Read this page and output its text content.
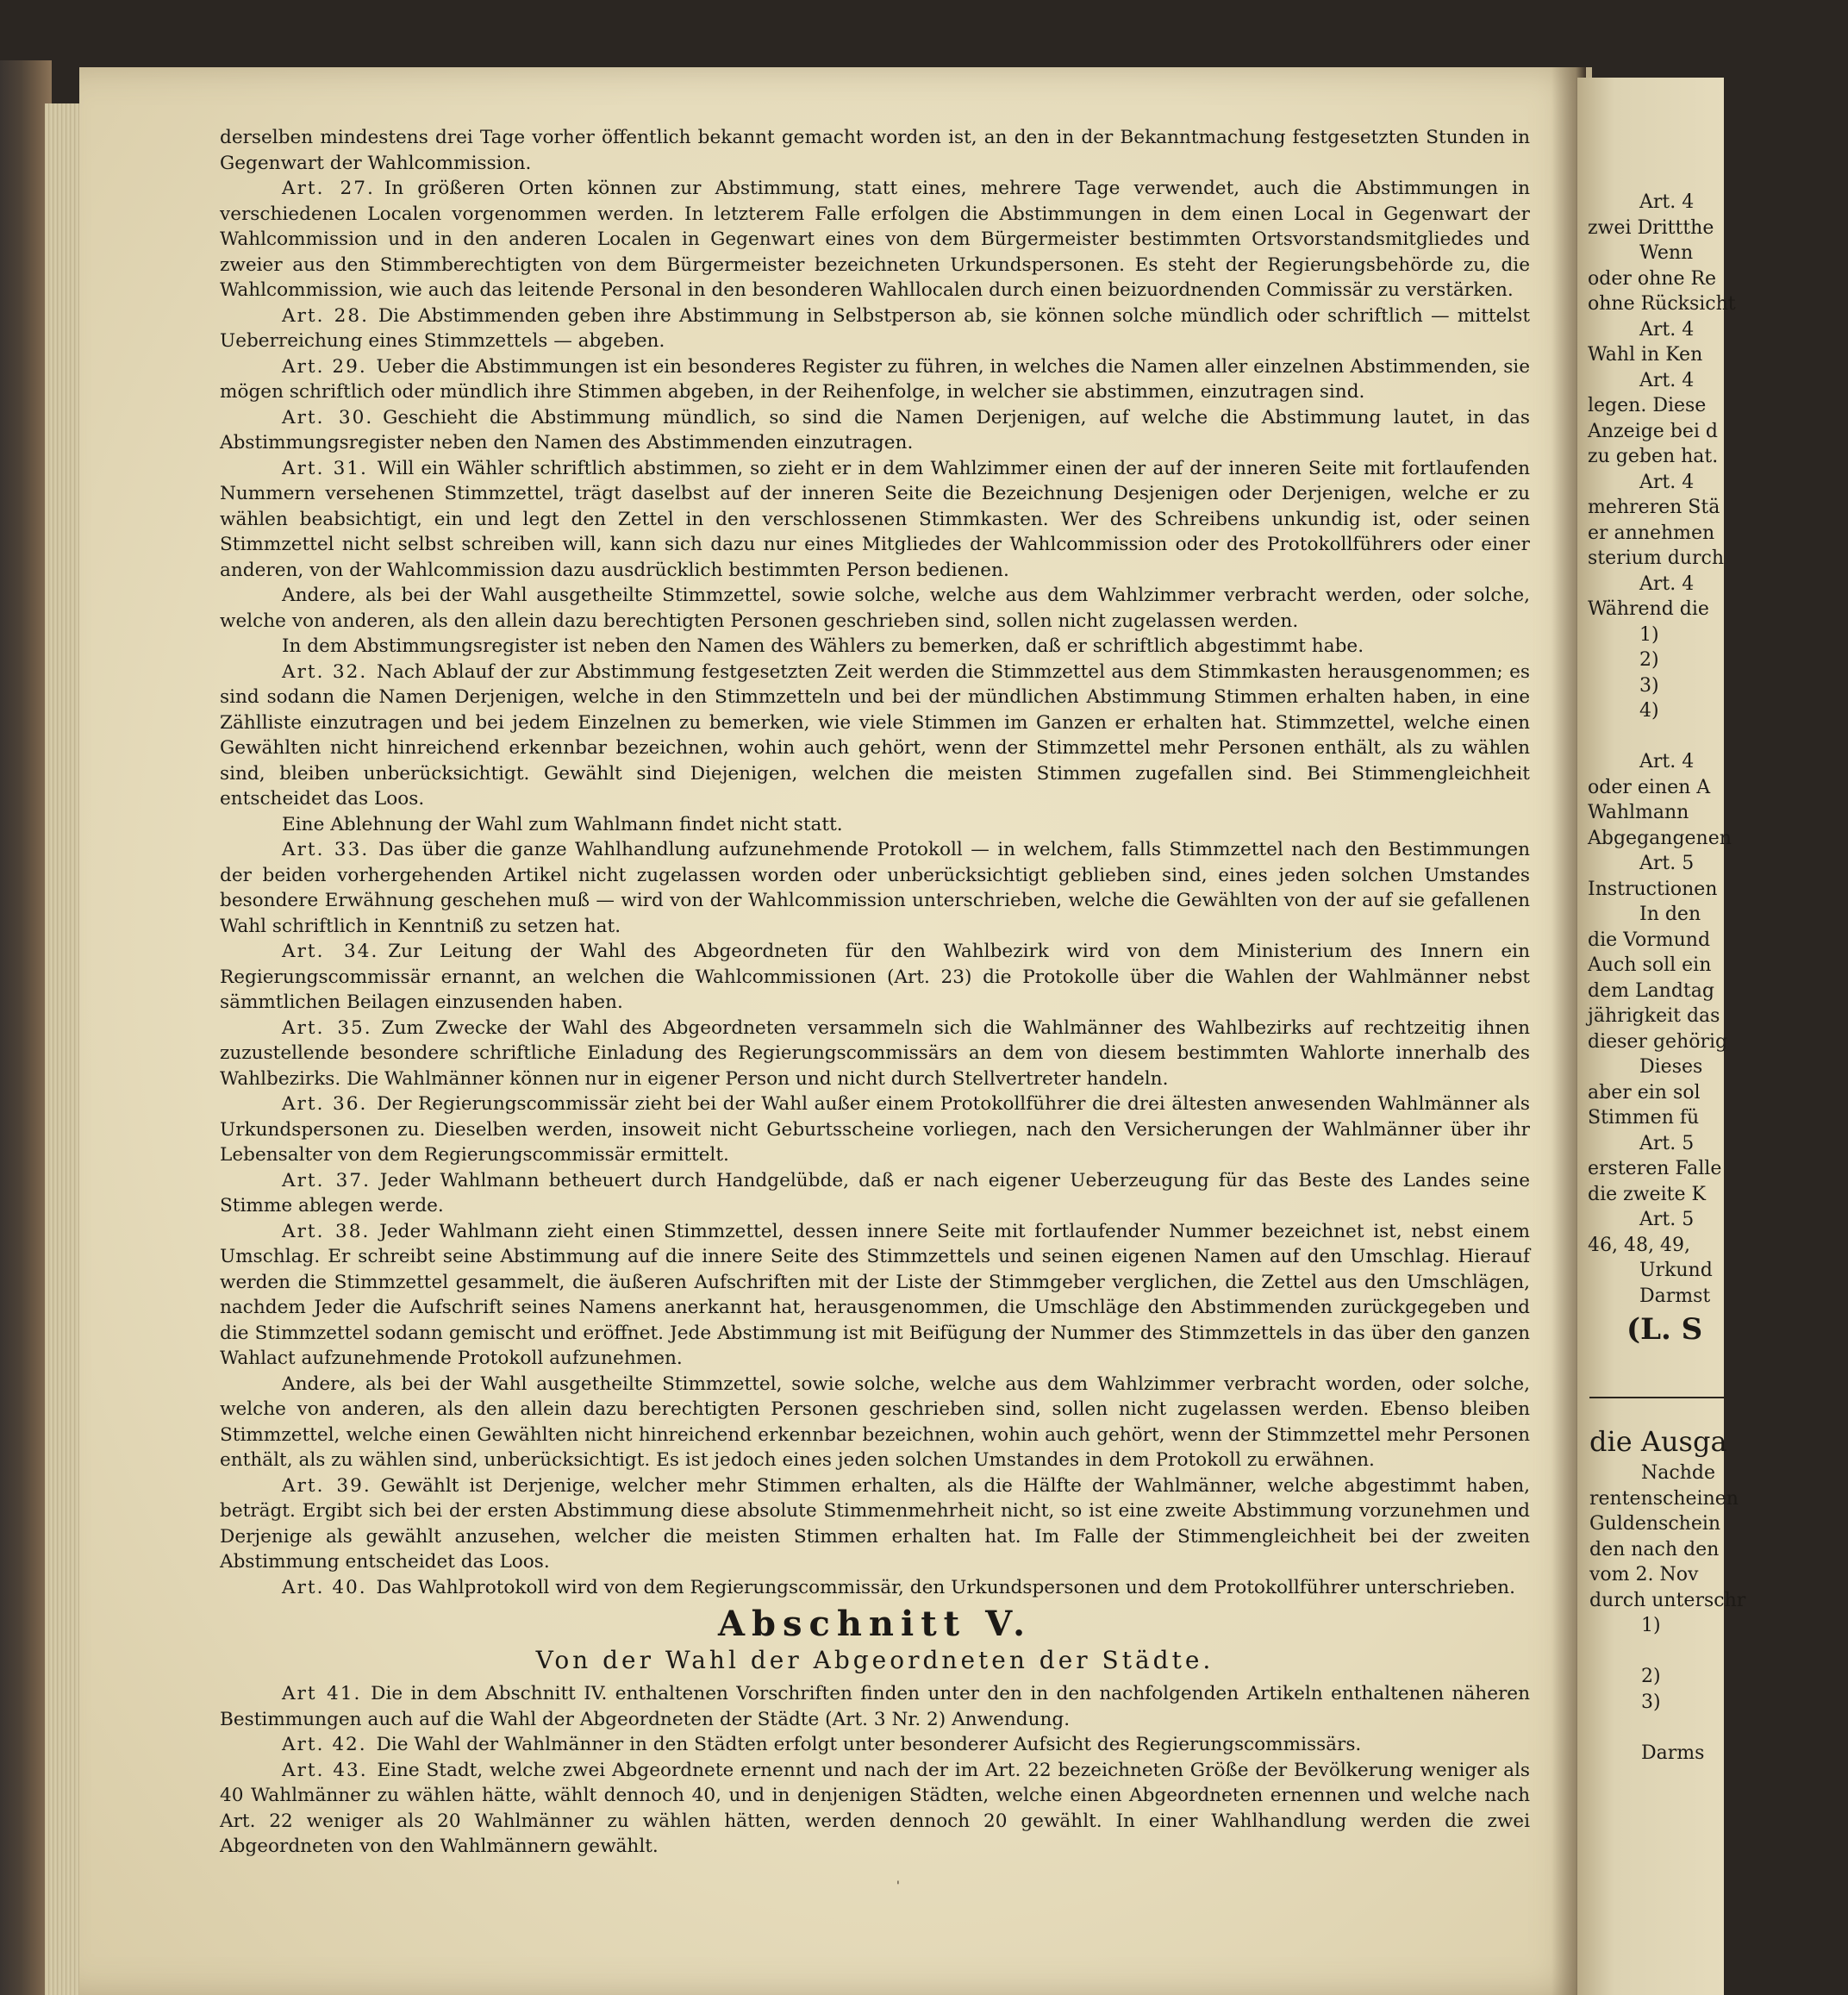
Art. 4
zwei Drittthe
Wenn
oder ohne Re
ohne Rücksicht
Art. 4
Wahl in Ken
Art. 4
legen. Diese
Anzeige bei d
zu geben hat.
Art. 4
mehreren Stä
er annehmen
sterium durch
Art. 4
Während die
1)
2)
3)
4)

Art. 4
oder einen A
Wahlmann
Abgegangenen
Art. 5
Instructionen
In den
die Vormund
Auch soll ein
dem Landtag
jährigkeit das
dieser gehörig
Dieses
aber ein sol
Stimmen fü
Art. 5
ersteren Falle
die zweite K
Art. 5
46, 48, 49,
Urkund
Darmst
(L. S
die Ausga
Nachde
rentenscheinen
Guldenschein
den nach den
vom 2. Nov
durch unterschr
1)

2)
3)

Darms

derselben mindestens drei Tage vorher öffentlich bekannt gemacht worden ist, an den in der Bekanntmachung festgesetzten Stunden in Gegenwart der Wahlcommission.

Art. 27.  In größeren Orten können zur Abstimmung, statt eines, mehrere Tage verwendet, auch die Abstimmungen in verschiedenen Localen vorgenommen werden. In letzterem Falle erfolgen die Abstimmungen in dem einen Local in Gegenwart der Wahlcommission und in den anderen Localen in Gegenwart eines von dem Bürgermeister bestimmten Ortsvorstandsmitgliedes und zweier aus den Stimmberechtigten von dem Bürgermeister bezeichneten Urkundspersonen. Es steht der Regierungsbehörde zu, die Wahlcommission, wie auch das leitende Personal in den besonderen Wahllocalen durch einen beizuordnenden Commissär zu verstärken.

Art. 28.  Die Abstimmenden geben ihre Abstimmung in Selbstperson ab, sie können solche mündlich oder schriftlich — mittelst Ueberreichung eines Stimmzettels — abgeben.

Art. 29.  Ueber die Abstimmungen ist ein besonderes Register zu führen, in welches die Namen aller einzelnen Abstimmenden, sie mögen schriftlich oder mündlich ihre Stimmen abgeben, in der Reihenfolge, in welcher sie abstimmen, einzutragen sind.

Art. 30.  Geschieht die Abstimmung mündlich, so sind die Namen Derjenigen, auf welche die Abstimmung lautet, in das Abstimmungsregister neben den Namen des Abstimmenden einzutragen.

Art. 31.  Will ein Wähler schriftlich abstimmen, so zieht er in dem Wahlzimmer einen der auf der inneren Seite mit fortlaufenden Nummern versehenen Stimmzettel, trägt daselbst auf der inneren Seite die Bezeichnung Desjenigen oder Derjenigen, welche er zu wählen beabsichtigt, ein und legt den Zettel in den verschlossenen Stimmkasten. Wer des Schreibens unkundig ist, oder seinen Stimmzettel nicht selbst schreiben will, kann sich dazu nur eines Mitgliedes der Wahlcommission oder des Protokollführers oder einer anderen, von der Wahlcommission dazu ausdrücklich bestimmten Person bedienen.

Andere, als bei der Wahl ausgetheilte Stimmzettel, sowie solche, welche aus dem Wahlzimmer verbracht werden, oder solche, welche von anderen, als den allein dazu berechtigten Personen geschrieben sind, sollen nicht zugelassen werden.

In dem Abstimmungsregister ist neben den Namen des Wählers zu bemerken, daß er schriftlich abgestimmt habe.

Art. 32.  Nach Ablauf der zur Abstimmung festgesetzten Zeit werden die Stimmzettel aus dem Stimmkasten herausgenommen; es sind sodann die Namen Derjenigen, welche in den Stimmzetteln und bei der mündlichen Abstimmung Stimmen erhalten haben, in eine Zählliste einzutragen und bei jedem Einzelnen zu bemerken, wie viele Stimmen im Ganzen er erhalten hat. Stimmzettel, welche einen Gewählten nicht hinreichend erkennbar bezeichnen, wohin auch gehört, wenn der Stimmzettel mehr Personen enthält, als zu wählen sind, bleiben unberücksichtigt. Gewählt sind Diejenigen, welchen die meisten Stimmen zugefallen sind. Bei Stimmengleichheit entscheidet das Loos.

Eine Ablehnung der Wahl zum Wahlmann findet nicht statt.

Art. 33.  Das über die ganze Wahlhandlung aufzunehmende Protokoll — in welchem, falls Stimmzettel nach den Bestimmungen der beiden vorhergehenden Artikel nicht zugelassen worden oder unberücksichtigt geblieben sind, eines jeden solchen Umstandes besondere Erwähnung geschehen muß — wird von der Wahlcommission unterschrieben, welche die Gewählten von der auf sie gefallenen Wahl schriftlich in Kenntniß zu setzen hat.

Art. 34.  Zur Leitung der Wahl des Abgeordneten für den Wahlbezirk wird von dem Ministerium des Innern ein Regierungscommissär ernannt, an welchen die Wahlcommissionen (Art. 23) die Protokolle über die Wahlen der Wahlmänner nebst sämmtlichen Beilagen einzusenden haben.

Art. 35.  Zum Zwecke der Wahl des Abgeordneten versammeln sich die Wahlmänner des Wahlbezirks auf rechtzeitig ihnen zuzustellende besondere schriftliche Einladung des Regierungscommissärs an dem von diesem bestimmten Wahlorte innerhalb des Wahlbezirks. Die Wahlmänner können nur in eigener Person und nicht durch Stellvertreter handeln.

Art. 36.  Der Regierungscommissär zieht bei der Wahl außer einem Protokollführer die drei ältesten anwesenden Wahlmänner als Urkundspersonen zu. Dieselben werden, insoweit nicht Geburtsscheine vorliegen, nach den Versicherungen der Wahlmänner über ihr Lebensalter von dem Regierungscommissär ermittelt.

Art. 37.  Jeder Wahlmann betheuert durch Handgelübde, daß er nach eigener Ueberzeugung für das Beste des Landes seine Stimme ablegen werde.

Art. 38.  Jeder Wahlmann zieht einen Stimmzettel, dessen innere Seite mit fortlaufender Nummer bezeichnet ist, nebst einem Umschlag. Er schreibt seine Abstimmung auf die innere Seite des Stimmzettels und seinen eigenen Namen auf den Umschlag. Hierauf werden die Stimmzettel gesammelt, die äußeren Aufschriften mit der Liste der Stimmgeber verglichen, die Zettel aus den Umschlägen, nachdem Jeder die Aufschrift seines Namens anerkannt hat, herausgenommen, die Umschläge den Abstimmenden zurückgegeben und die Stimmzettel sodann gemischt und eröffnet. Jede Abstimmung ist mit Beifügung der Nummer des Stimmzettels in das über den ganzen Wahlact aufzunehmende Protokoll aufzunehmen.

Andere, als bei der Wahl ausgetheilte Stimmzettel, sowie solche, welche aus dem Wahlzimmer verbracht worden, oder solche, welche von anderen, als den allein dazu berechtigten Personen geschrieben sind, sollen nicht zugelassen werden. Ebenso bleiben Stimmzettel, welche einen Gewählten nicht hinreichend erkennbar bezeichnen, wohin auch gehört, wenn der Stimmzettel mehr Personen enthält, als zu wählen sind, unberücksichtigt. Es ist jedoch eines jeden solchen Umstandes in dem Protokoll zu erwähnen.

Art. 39.  Gewählt ist Derjenige, welcher mehr Stimmen erhalten, als die Hälfte der Wahlmänner, welche abgestimmt haben, beträgt. Ergibt sich bei der ersten Abstimmung diese absolute Stimmenmehrheit nicht, so ist eine zweite Abstimmung vorzunehmen und Derjenige als gewählt anzusehen, welcher die meisten Stimmen erhalten hat. Im Falle der Stimmengleichheit bei der zweiten Abstimmung entscheidet das Loos.

Art. 40.  Das Wahlprotokoll wird von dem Regierungscommissär, den Urkundspersonen und dem Protokollführer unterschrieben.

Abschnitt V.
Von der Wahl der Abgeordneten der Städte.

Art 41.  Die in dem Abschnitt IV. enthaltenen Vorschriften finden unter den in den nachfolgenden Artikeln enthaltenen näheren Bestimmungen auch auf die Wahl der Abgeordneten der Städte (Art. 3 Nr. 2) Anwendung.

Art. 42.  Die Wahl der Wahlmänner in den Städten erfolgt unter besonderer Aufsicht des Regierungscommissärs.

Art. 43.  Eine Stadt, welche zwei Abgeordnete ernennt und nach der im Art. 22 bezeichneten Größe der Bevölkerung weniger als 40 Wahlmänner zu wählen hätte, wählt dennoch 40, und in denjenigen Städten, welche einen Abgeordneten ernennen und welche nach Art. 22 weniger als 20 Wahlmänner zu wählen hätten, werden dennoch 20 gewählt. In einer Wahlhandlung werden die zwei Abgeordneten von den Wahlmännern gewählt.

'
